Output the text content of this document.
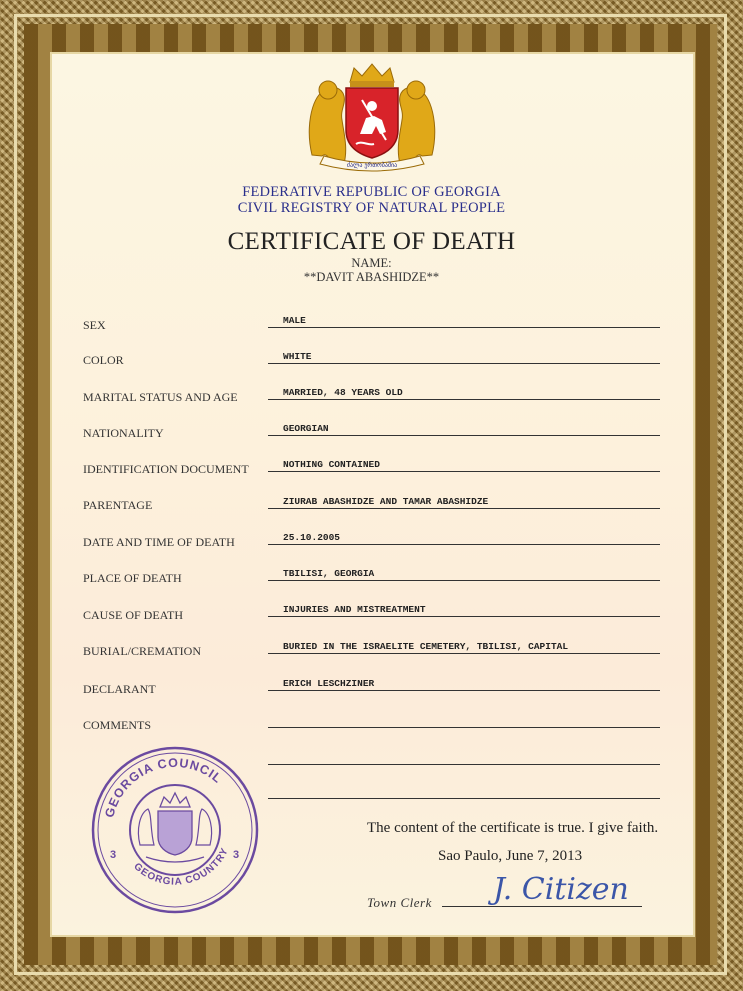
ძალა ერთობაშია
FEDERATIVE REPUBLIC OF GEORGIA
CIVIL REGISTRY OF NATURAL PEOPLE
CERTIFICATE OF DEATH
NAME:
**DAVIT ABASHIDZE**
SEX	MALE
COLOR	WHITE
MARITAL STATUS AND AGE	MARRIED, 48 YEARS OLD
NATIONALITY	GEORGIAN
IDENTIFICATION DOCUMENT	NOTHING CONTAINED
PARENTAGE	ZIURAB ABASHIDZE AND TAMAR ABASHIDZE
DATE AND TIME OF DEATH	25.10.2005
PLACE OF DEATH	TBILISI, GEORGIA
CAUSE OF DEATH	INJURIES AND MISTREATMENT
BURIAL/CREMATION	BURIED IN THE ISRAELITE CEMETERY, TBILISI, CAPITAL
DECLARANT	ERICH LESCHZINER
COMMENTS
GEORGIA COUNCIL
GEORGIA COUNTRY
3	3
The content of the certificate is true. I give faith.
Sao Paulo, June 7, 2013
Town Clerk J. Citizen
